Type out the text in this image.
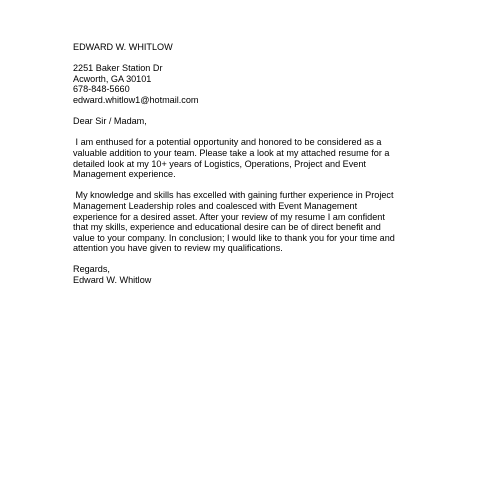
EDWARD W. WHITLOW
2251 Baker Station Dr
Acworth, GA 30101
678-848-5660
edward.whitlow1@hotmail.com
Dear Sir / Madam,
I am enthused for a potential opportunity and honored to be considered as a
valuable addition to your team. Please take a look at my attached resume for a
detailed look at my 10+ years of Logistics, Operations, Project and Event
Management experience.
My knowledge and skills has excelled with gaining further experience in Project
Management Leadership roles and coalesced with Event Management
experience for a desired asset. After your review of my resume I am confident
that my skills, experience and educational desire can be of direct benefit and
value to your company. In conclusion; I would like to thank you for your time and
attention you have given to review my qualifications.
Regards,
Edward W. Whitlow
